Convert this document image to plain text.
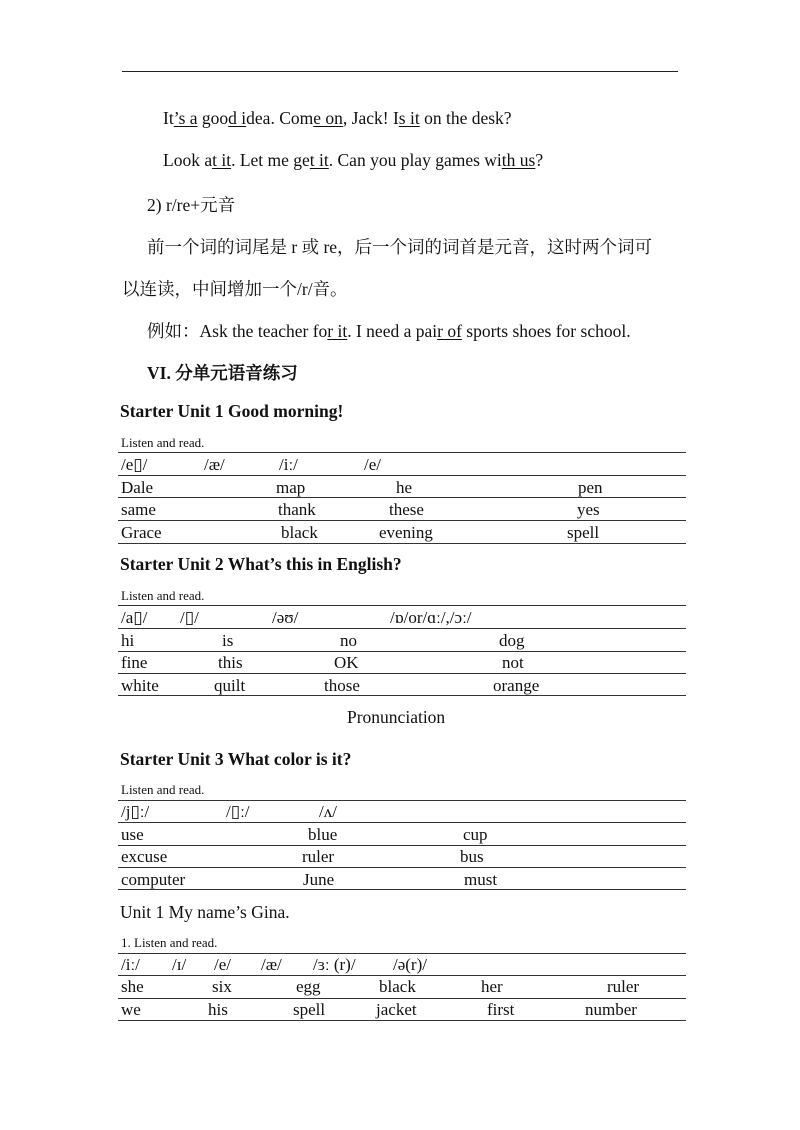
It’s a good idea. Come on, Jack! Is it on the desk?
Look at it. Let me get it. Can you play games with us?
2) r/re+元音
前一个词的词尾是 r 或 re，后一个词的词首是元音，这时两个词可
以连读，中间增加一个/r/音。
例如：Ask the teacher for it. I need a pair of sports shoes for school.
VI. 分单元语音练习
Starter Unit 1 Good morning!
Listen and read.
/e▯/	/æ/	/iː/	/e/
Dale	map	he	pen
same	thank	these	yes
Grace	black	evening	spell
Starter Unit 2 What’s this in English?
Listen and read.
/a▯/ /▯/	/əʊ/	/ɒ/or/ɑː/,/ɔː/
hi	is	no	dog
fine	this	OK	not
white	quilt	those	orange
Pronunciation
Starter Unit 3 What color is it?
Listen and read.
/j▯ː/	/▯ː/	/ʌ/
use	blue	cup
excuse	ruler	bus
computer	June	must
Unit 1 My name’s Gina.
1. Listen and read.
/iː/ /ɪ/ /e/ /æ/ /ɜː (r)/ /ə(r)/
she	six	egg	black	her	ruler
we	his	spell	jacket	first	number
